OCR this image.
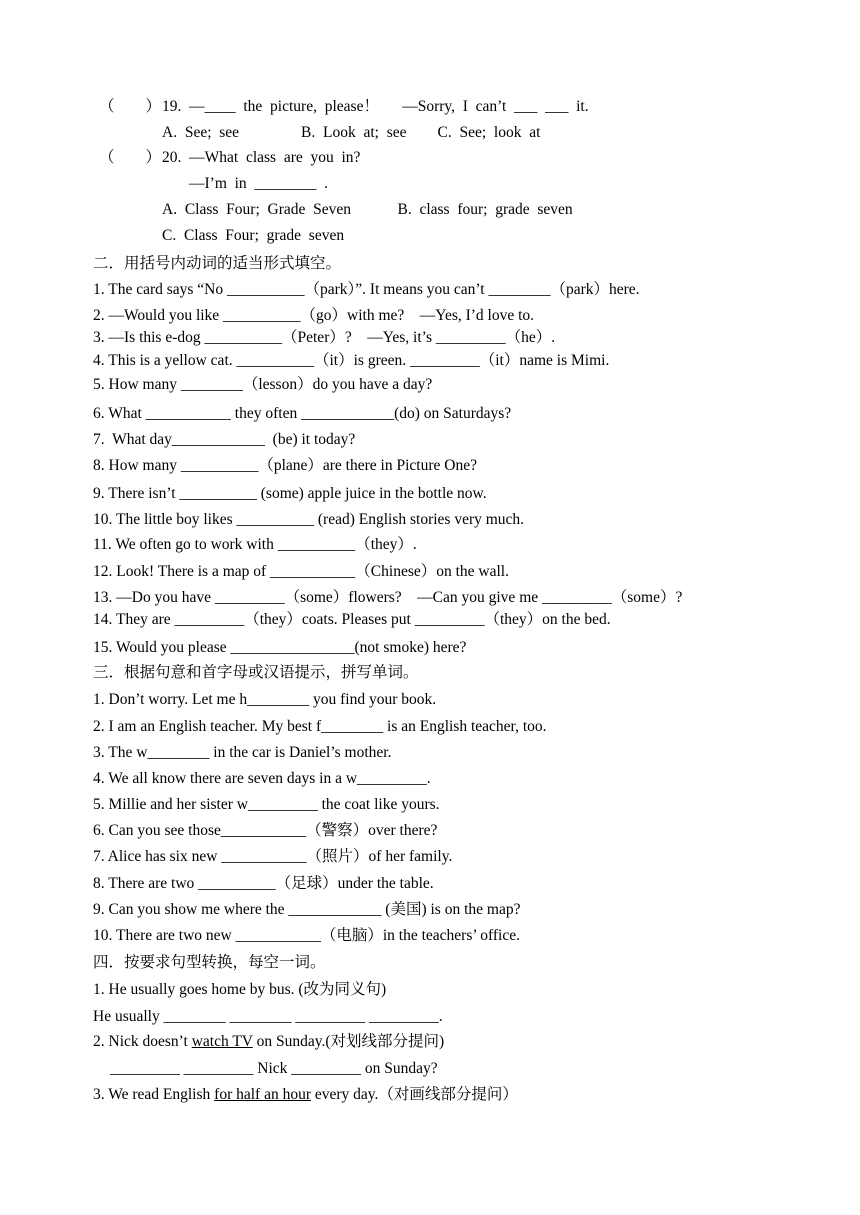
（　　） 19.  —____  the  picture,  please！      —Sorry,  I  can’t  ___  ___  it.
A.  See;  see                B.  Look  at;  see        C.  See;  look  at
（　　） 20.  —What  class  are  you  in?
—I’m  in  ________  .
A.  Class  Four;  Grade  Seven            B.  class  four;  grade  seven
C.  Class  Four;  grade  seven
二．用括号内动词的适当形式填空。
1. The card says “No __________（park）”. It means you can’t ________（park）here.
2. —Would you like __________（go）with me?    —Yes, I’d love to.
3. —Is this e-dog __________（Peter）?    —Yes, it’s _________（he）.
4. This is a yellow cat. __________（it）is green. _________（it）name is Mimi.
5. How many ________（lesson）do you have a day?
6. What ___________ they often ____________(do) on Saturdays?
7.  What day____________  (be) it today?
8. How many __________（plane）are there in Picture One?
9. There isn’t __________ (some) apple juice in the bottle now.
10. The little boy likes __________ (read) English stories very much.
11. We often go to work with __________（they）.
12. Look! There is a map of ___________（Chinese）on the wall.
13. —Do you have _________（some）flowers?    —Can you give me _________（some）?
14. They are _________（they）coats. Pleases put _________（they）on the bed.
15. Would you please ________________(not smoke) here?
三．根据句意和首字母或汉语提示，拼写单词。
1. Don’t worry. Let me h________ you find your book.
2. I am an English teacher. My best f________ is an English teacher, too.
3. The w________ in the car is Daniel’s mother.
4. We all know there are seven days in a w_________.
5. Millie and her sister w_________ the coat like yours.
6. Can you see those___________（警察）over there?
7. Alice has six new ___________（照片）of her family.
8. There are two __________（足球）under the table.
9. Can you show me where the ____________ (美国) is on the map?
10. There are two new ___________（电脑）in the teachers’ office.
四．按要求句型转换，每空一词。
1. He usually goes home by bus. (改为同义句)
He usually ________ ________ _________ _________.
2. Nick doesn’t watch TV on Sunday.(对划线部分提问)
_________ _________ Nick _________ on Sunday?
3. We read English for half an hour every day.（对画线部分提问）
